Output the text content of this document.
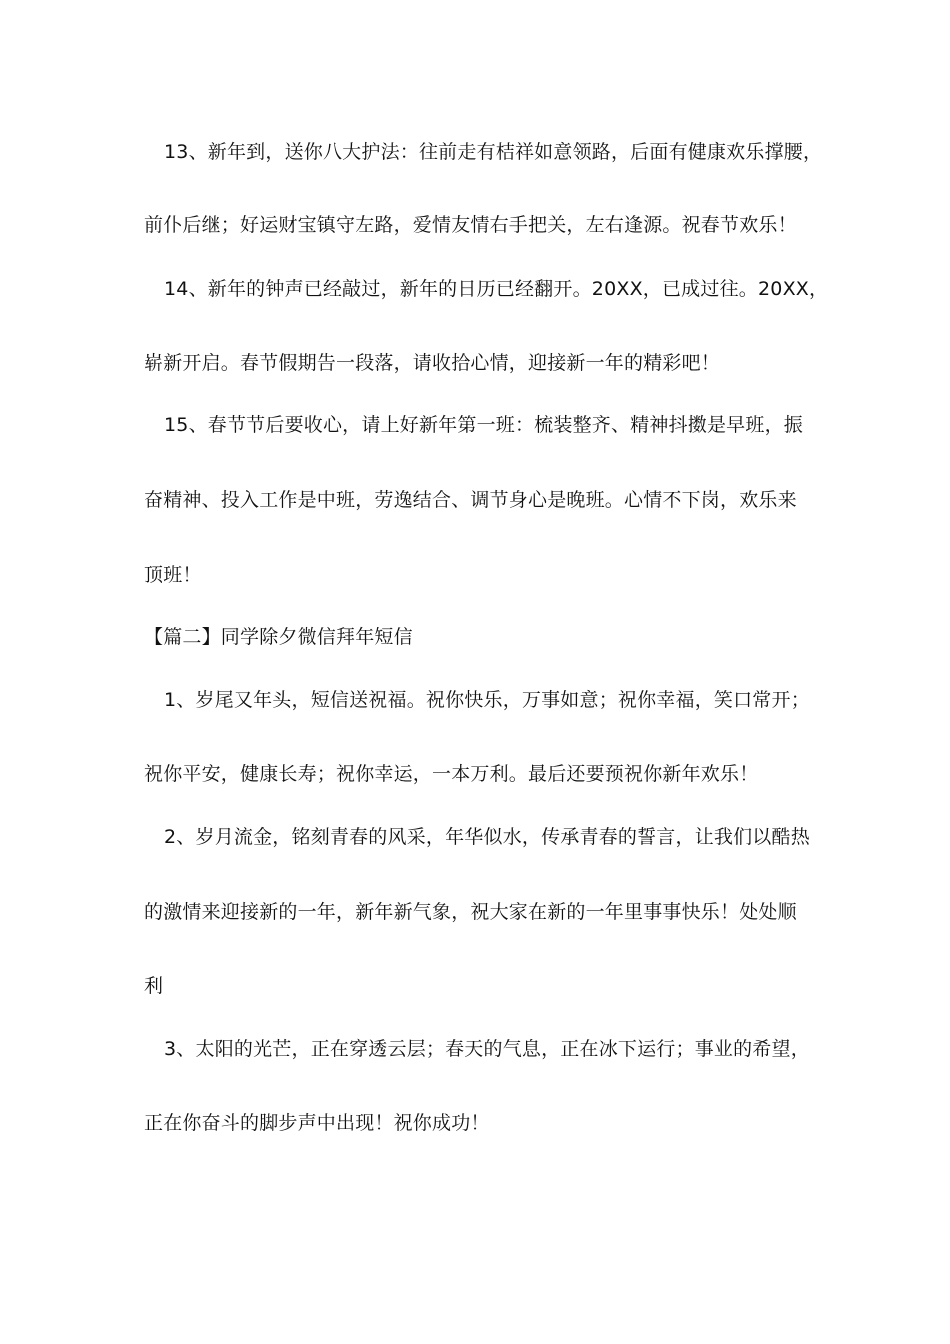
13、新年到，送你八大护法：往前走有桔祥如意领路，后面有健康欢乐撑腰，
前仆后继；好运财宝镇守左路，爱情友情右手把关，左右逢源。祝春节欢乐！
14、新年的钟声已经敲过，新年的日历已经翻开。20XX，已成过往。20XX，
崭新开启。春节假期告一段落，请收拾心情，迎接新一年的精彩吧！
15、春节节后要收心，请上好新年第一班：梳装整齐、精神抖擞是早班，振
奋精神、投入工作是中班，劳逸结合、调节身心是晚班。心情不下岗，欢乐来
顶班！
【篇二】同学除夕微信拜年短信
1、岁尾又年头，短信送祝福。祝你快乐，万事如意；祝你幸福，笑口常开；
祝你平安，健康长寿；祝你幸运，一本万利。最后还要预祝你新年欢乐！
2、岁月流金，铭刻青春的风采，年华似水，传承青春的誓言，让我们以酷热
的激情来迎接新的一年，新年新气象，祝大家在新的一年里事事快乐！处处顺
利
3、太阳的光芒，正在穿透云层；春天的气息，正在冰下运行；事业的希望，
正在你奋斗的脚步声中出现！祝你成功！
